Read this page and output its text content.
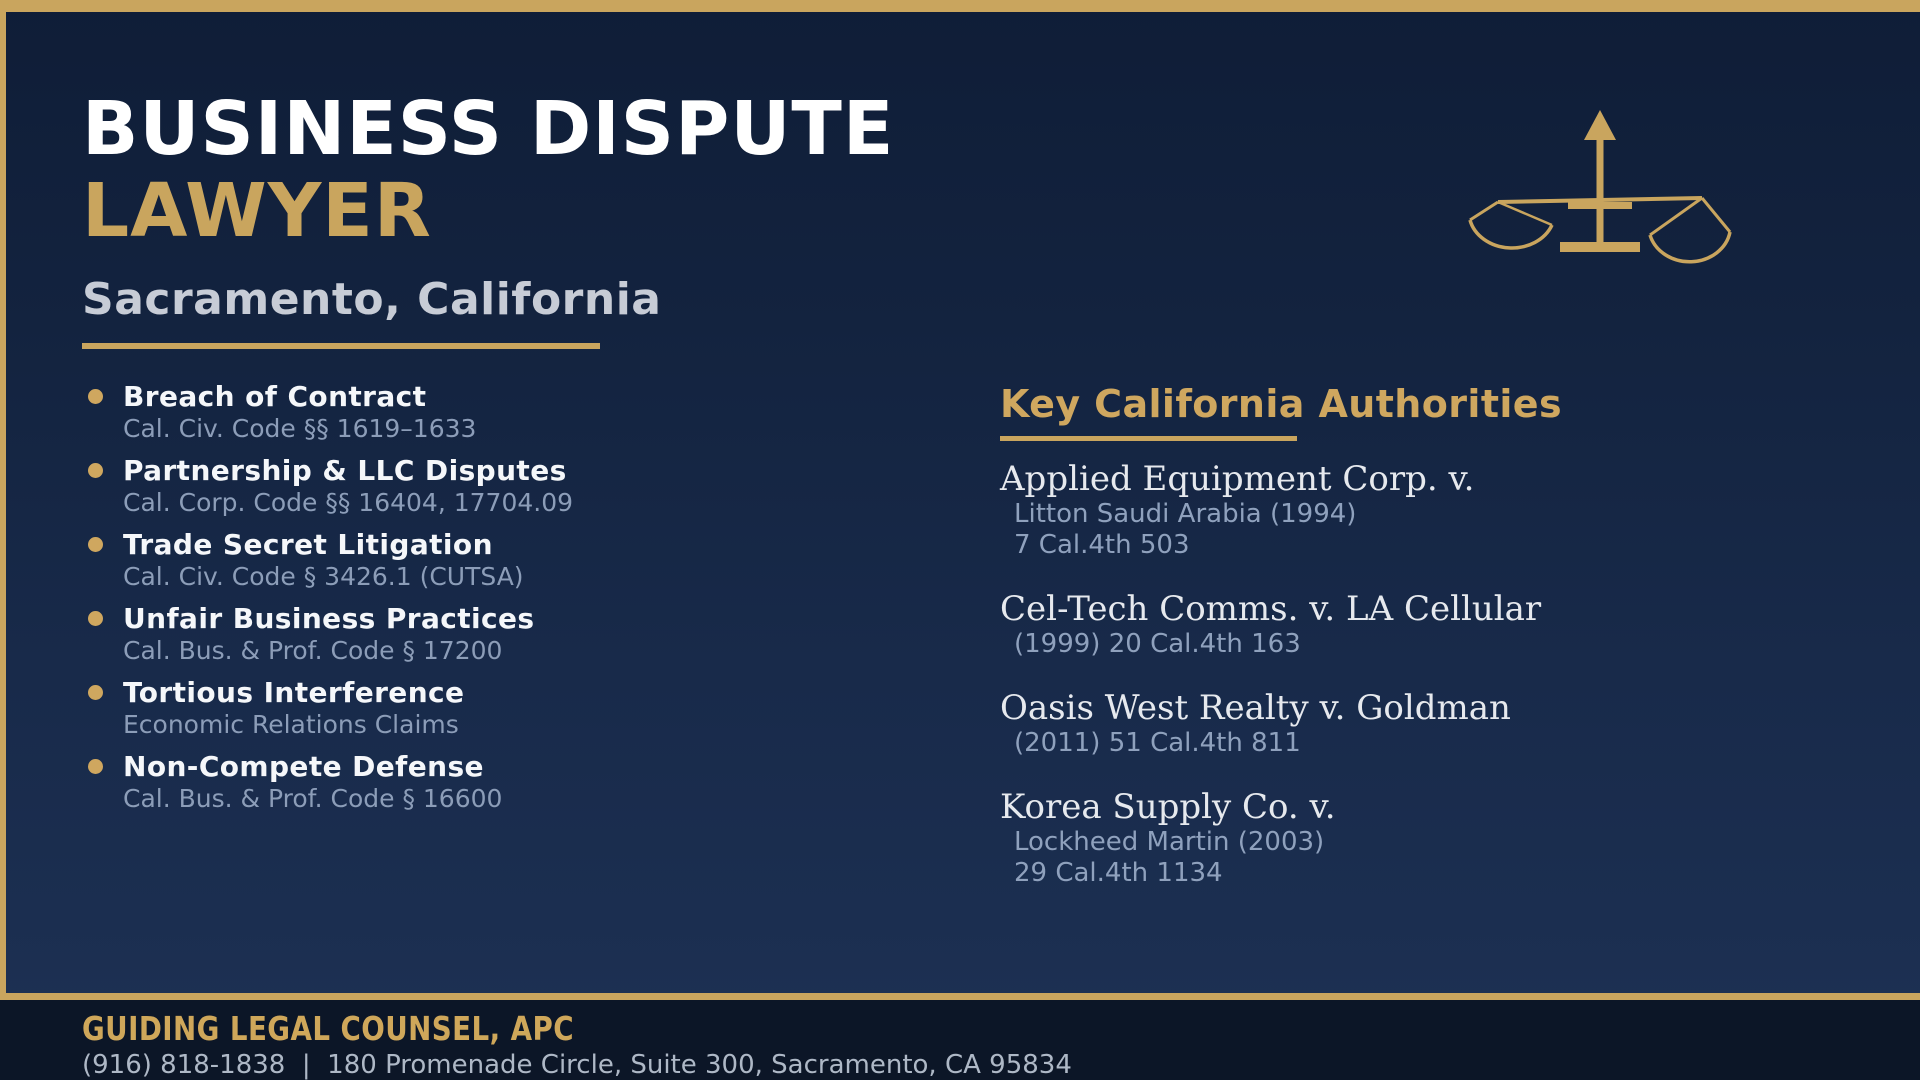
BUSINESS DISPUTE
LAWYER
Sacramento, California
Breach of Contract
Cal. Civ. Code §§ 1619–1633
Partnership & LLC Disputes
Cal. Corp. Code §§ 16404, 17704.09
Trade Secret Litigation
Cal. Civ. Code § 3426.1 (CUTSA)
Unfair Business Practices
Cal. Bus. & Prof. Code § 17200
Tortious Interference
Economic Relations Claims
Non-Compete Defense
Cal. Bus. & Prof. Code § 16600
Key California Authorities
Applied Equipment Corp. v.
Litton Saudi Arabia (1994)
7 Cal.4th 503
Cel-Tech Comms. v. LA Cellular
(1999) 20 Cal.4th 163
Oasis West Realty v. Goldman
(2011) 51 Cal.4th 811
Korea Supply Co. v.
Lockheed Martin (2003)
29 Cal.4th 1134
GUIDING LEGAL COUNSEL, APC
(916) 818-1838  |  180 Promenade Circle, Suite 300, Sacramento, CA 95834
